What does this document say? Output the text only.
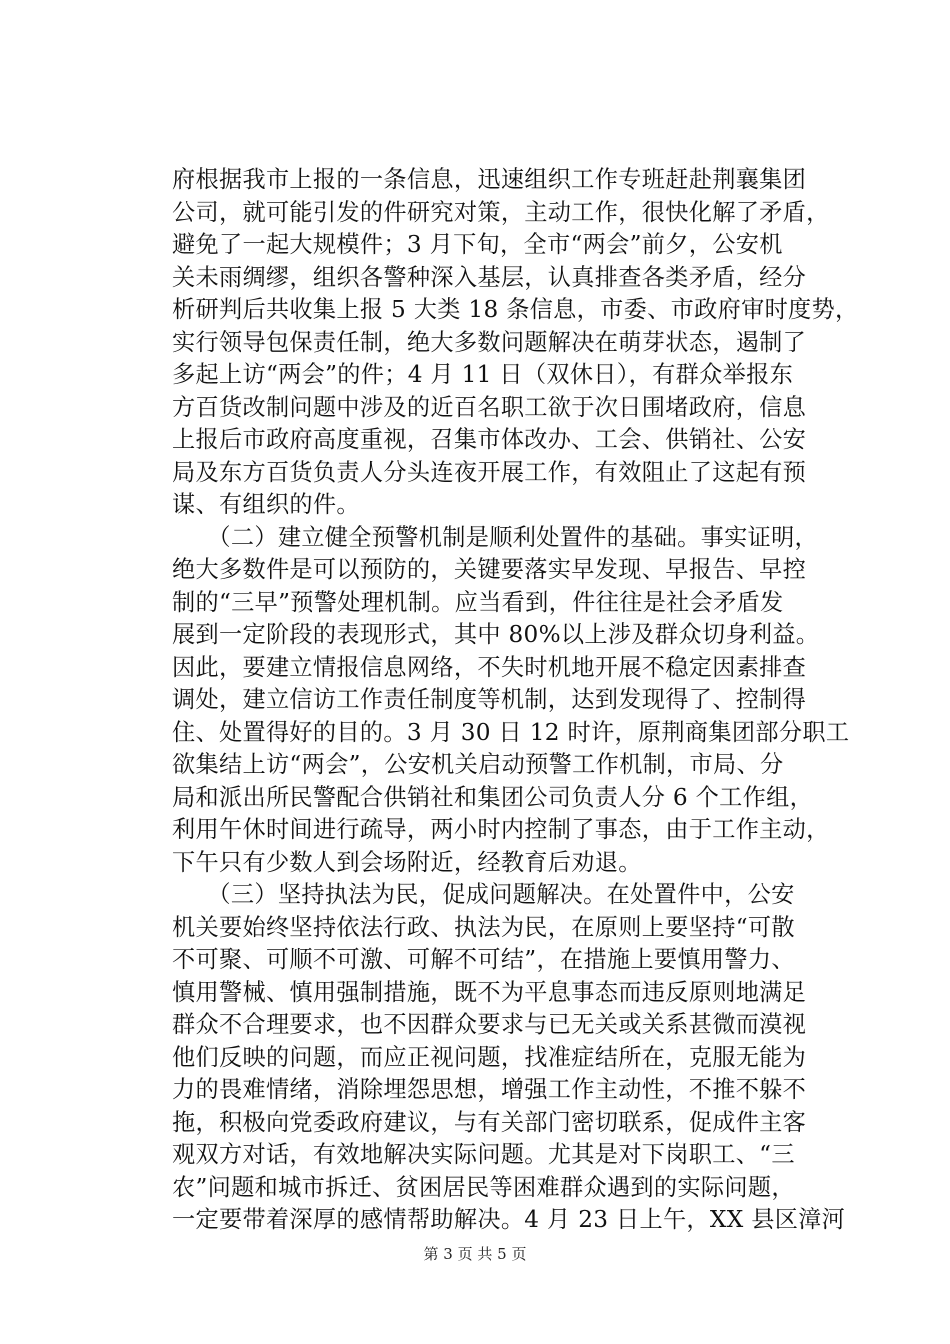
府根据我市上报的一条信息，迅速组织工作专班赶赴荆襄集团
公司，就可能引发的件研究对策，主动工作，很快化解了矛盾，
避免了一起大规模件；3 月下旬，全市“两会”前夕，公安机
关未雨绸缪，组织各警种深入基层，认真排查各类矛盾，经分
析研判后共收集上报 5 大类 18 条信息，市委、市政府审时度势，
实行领导包保责任制，绝大多数问题解决在萌芽状态，遏制了
多起上访“两会”的件；4 月 11 日（双休日），有群众举报东
方百货改制问题中涉及的近百名职工欲于次日围堵政府，信息
上报后市政府高度重视，召集市体改办、工会、供销社、公安
局及东方百货负责人分头连夜开展工作，有效阻止了这起有预
谋、有组织的件。
　　（二）建立健全预警机制是顺利处置件的基础。事实证明，
绝大多数件是可以预防的，关键要落实早发现、早报告、早控
制的“三早”预警处理机制。应当看到，件往往是社会矛盾发
展到一定阶段的表现形式，其中 80%以上涉及群众切身利益。
因此，要建立情报信息网络，不失时机地开展不稳定因素排查
调处，建立信访工作责任制度等机制，达到发现得了、控制得
住、处置得好的目的。3 月 30 日 12 时许，原荆商集团部分职工
欲集结上访“两会”，公安机关启动预警工作机制，市局、分
局和派出所民警配合供销社和集团公司负责人分 6 个工作组，
利用午休时间进行疏导，两小时内控制了事态，由于工作主动，
下午只有少数人到会场附近，经教育后劝退。
　　（三）坚持执法为民，促成问题解决。在处置件中，公安
机关要始终坚持依法行政、执法为民，在原则上要坚持“可散
不可聚、可顺不可激、可解不可结”，在措施上要慎用警力、
慎用警械、慎用强制措施，既不为平息事态而违反原则地满足
群众不合理要求，也不因群众要求与已无关或关系甚微而漠视
他们反映的问题，而应正视问题，找准症结所在，克服无能为
力的畏难情绪，消除埋怨思想，增强工作主动性，不推不躲不
拖，积极向党委政府建议，与有关部门密切联系，促成件主客
观双方对话，有效地解决实际问题。尤其是对下岗职工、“三
农”问题和城市拆迁、贫困居民等困难群众遇到的实际问题，
一定要带着深厚的感情帮助解决。4 月 23 日上午，XX 县区漳河
第 3 页 共 5 页
